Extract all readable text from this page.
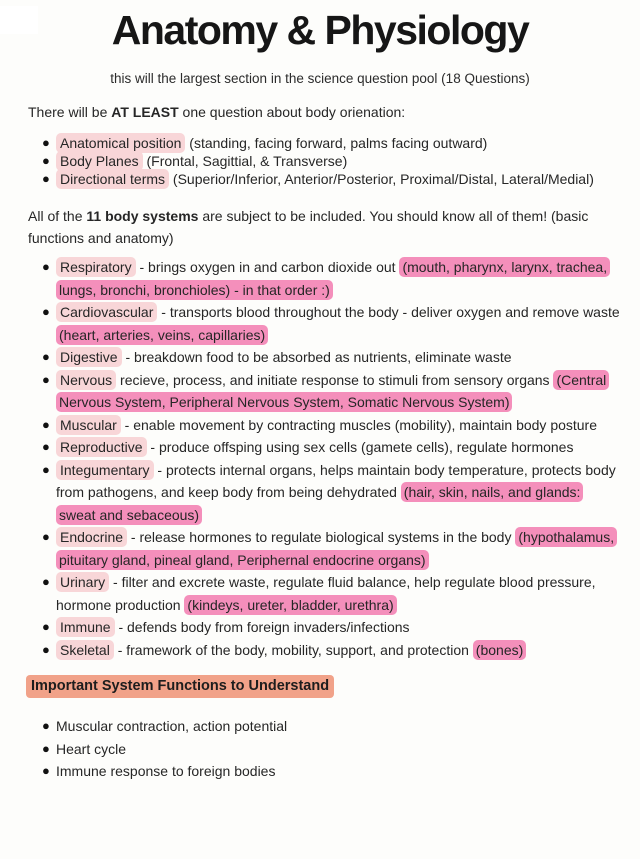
Anatomy & Physiology
this will the largest section in the science question pool (18 Questions)

There will be AT LEAST one question about body orienation:

● Anatomical position (standing, facing forward, palms facing outward)
● Body Planes (Frontal, Sagittial, & Transverse)
● Directional terms (Superior/Inferior, Anterior/Posterior, Proximal/Distal, Lateral/Medial)

All of the 11 body systems are subject to be included. You should know all of them! (basic functions and anatomy)

● Respiratory - brings oxygen in and carbon dioxide out (mouth, pharynx, larynx, trachea, lungs, bronchi, bronchioles) - in that order :)
● Cardiovascular - transports blood throughout the body - deliver oxygen and remove waste (heart, arteries, veins, capillaries)
● Digestive - breakdown food to be absorbed as nutrients, eliminate waste
● Nervous recieve, process, and initiate response to stimuli from sensory organs (Central Nervous System, Peripheral Nervous System, Somatic Nervous System)
● Muscular - enable movement by contracting muscles (mobility), maintain body posture
● Reproductive - produce offsping using sex cells (gamete cells), regulate hormones
● Integumentary - protects internal organs, helps maintain body temperature, protects body from pathogens, and keep body from being dehydrated (hair, skin, nails, and glands: sweat and sebaceous)
● Endocrine - release hormones to regulate biological systems in the body (hypothalamus, pituitary gland, pineal gland, Periphernal endocrine organs)
● Urinary - filter and excrete waste, regulate fluid balance, help regulate blood pressure, hormone production (kindeys, ureter, bladder, urethra)
● Immune - defends body from foreign invaders/infections
● Skeletal - framework of the body, mobility, support, and protection (bones)
Important System Functions to Understand
● Muscular contraction, action potential
● Heart cycle
● Immune response to foreign bodies
